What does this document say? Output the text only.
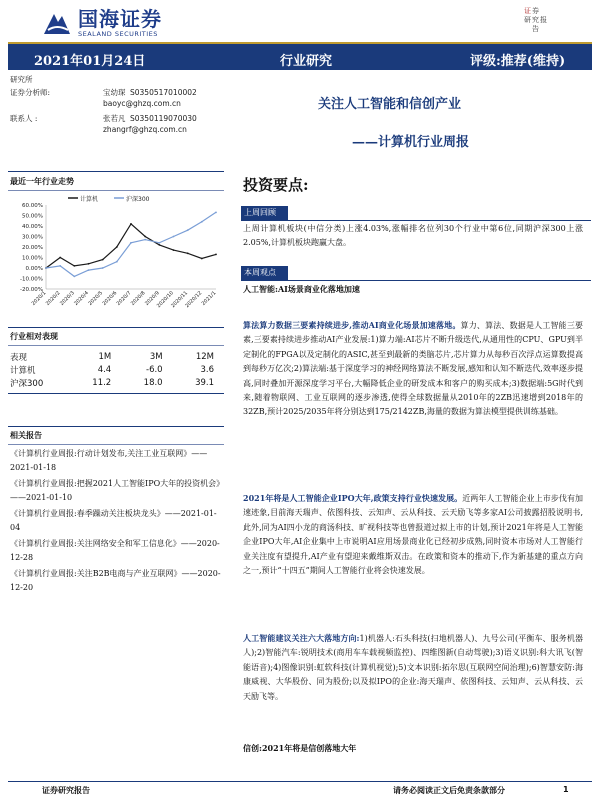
国海证券
SEALAND SECURITIES
证 券
研 究 报
告
2021年01月24日	行业研究	评级:推荐(维持)
研究所
证券分析师:	宝幼琛 S0350517010002
baoyc@ghzq.com.cn
联系人 :	张若凡 S0350119070030
zhangrf@ghzq.com.cn
关注人工智能和信创产业
——计算机行业周报
最近一年行业走势
计算机	沪深300
60.00%
50.00%
40.00%
30.00%
20.00%
10.00%
0.00%
-10.00%
-20.00%
2020/1
2020/2
2020/3
2020/4
2020/5
2020/6
2020/7
2020/8
2020/9
2020/10
2020/11
2020/12
2021/1
行业相对表现
表现	1M	3M	12M
计算机	4.4	-6.0	3.6
沪深300	11.2	18.0	39.1
相关报告

《计算机行业周报:行动计划发布,关注工业互联网》——2021-01-18

《计算机行业周报:把握2021人工智能IPO大年的投资机会》——2021-01-10

《计算机行业周报:春季躁动关注板块龙头》——2021-01-04

《计算机行业周报:关注网络安全和军工信息化》——2020-12-28

《计算机行业周报:关注B2B电商与产业互联网》——2020-12-20

投资要点:
上周回顾
上周计算机板块(中信分类)上涨4.03%,涨幅排名位列30个行业中第6位,同期沪深300上涨2.05%,计算机板块跑赢大盘。
本周观点
人工智能:AI场景商业化落地加速
算法算力数据三要素持续进步,推动AI商业化场景加速落地。算力、算法、数据是人工智能三要素,三要素持续进步推动AI产业发展:1)算力端:AI芯片不断升级迭代,从通用性的CPU、GPU到半定制化的FPGA以及定制化的ASIC,甚至到最新的类脑芯片,芯片算力从每秒百次浮点运算数提高到每秒万亿次;2)算法端:基于深度学习的神经网络算法不断发展,感知和认知不断迭代,效率逐步提高,同时叠加开源深度学习平台,大幅降低企业的研发成本和客户的购买成本;3)数据端:5G时代到来,随着物联网、工业互联网的逐步渗透,使得全球数据量从2010年的2ZB迅速增到2018年的32ZB,预计2025/2035年将分别达到175/2142ZB,海量的数据为算法模型提供训练基础。
2021年将是人工智能企业IPO大年,政策支持行业快速发展。近两年人工智能企业上市步伐有加速迹象,目前海天瑞声、依图科技、云知声、云从科技、云天励飞等多家AI公司披露招股说明书,此外,同为AI四小龙的商汤科技、旷视科技等也曾报道过拟上市的计划,预计2021年将是人工智能企业IPO大年,AI企业集中上市说明AI应用场景商业化已经初步成熟,同时资本市场对人工智能行业关注度有望提升,AI产业有望迎来戴维斯双击。在政策和资本的推动下,作为新基建的重点方向之一,预计“十四五”期间人工智能行业将会快速发展。
人工智能建议关注六大落地方向:1)机器人:石头科技(扫地机器人)、九号公司(平衡车、服务机器人);2)智能汽车:锐明技术(商用车车载视频监控)、四维图新(自动驾驶);3)语义识别:科大讯飞(智能语音);4)图像识别:虹软科技(计算机视觉);5)文本识别:拓尔思(互联网空间治理);6)智慧安防:海康威视、大华股份、同为股份;以及拟IPO的企业:海天瑞声、依图科技、云知声、云从科技、云天励飞等。
信创:2021年将是信创落地大年
证券研究报告	请务必阅读正文后免责条款部分	1
